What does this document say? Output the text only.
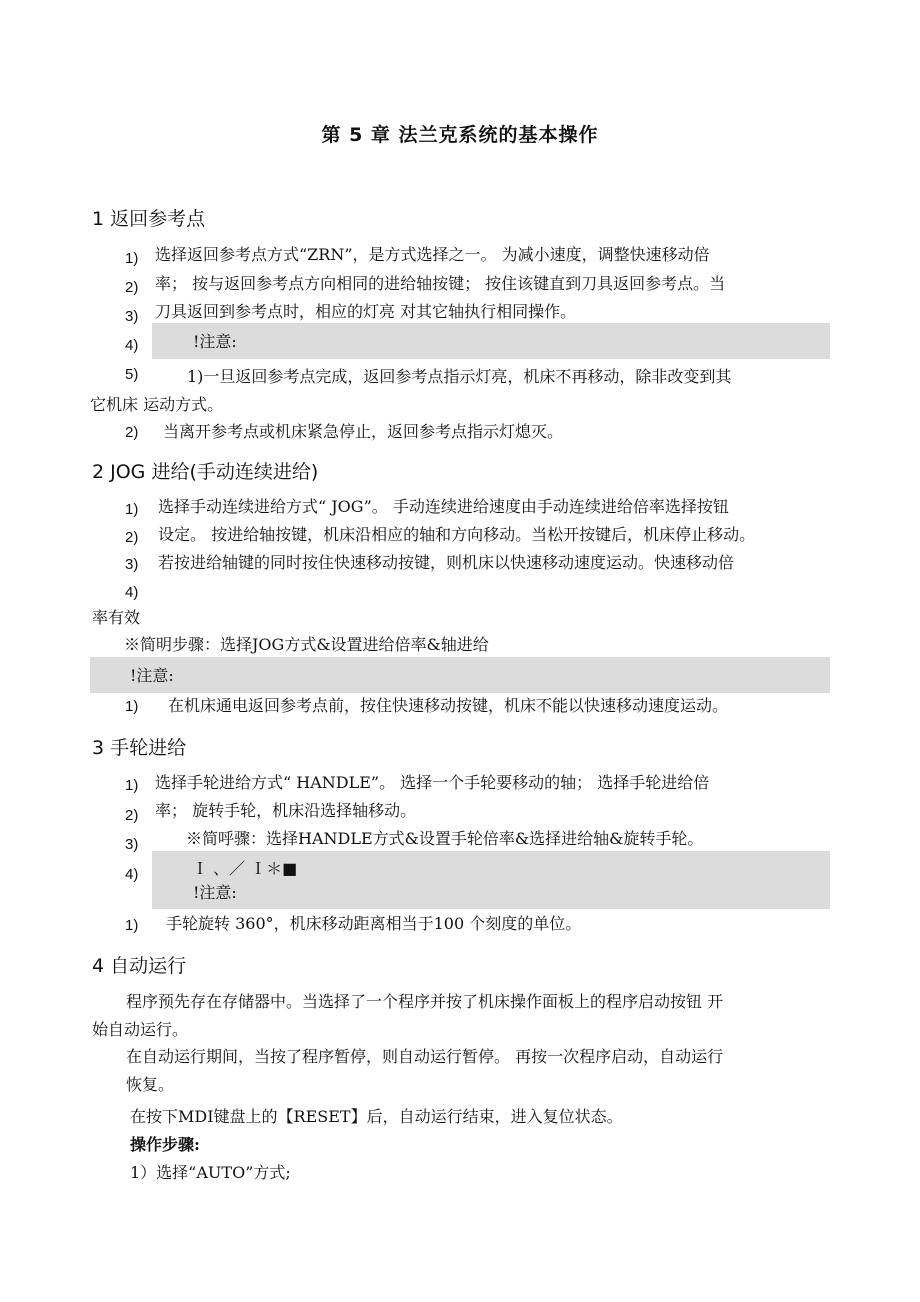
第 5 章 法兰克系统的基本操作
1 返回参考点
1)
2)
3)
4)
5)
选择返回参考点方式“ZRN”，是方式选择之一。 为减小速度，调整快速移动倍
率； 按与返回参考点方向相同的进给轴按键； 按住该键直到刀具返回参考点。当
刀具返回到参考点时，相应的灯亮 对其它轴执行相同操作。
!注意:
1)一旦返回参考点完成，返回参考点指示灯亮，机床不再移动，除非改变到其
它机床 运动方式。
2) 当离开参考点或机床紧急停止，返回参考点指示灯熄灭。
2 JOG 进给(手动连续进给)
1)
2)
3)
4)
选择手动连续进给方式“ JOG”。 手动连续进给速度由手动连续进给倍率选择按钮
设定。 按进给轴按键，机床沿相应的轴和方向移动。当松开按键后，机床停止移动。
若按进给轴键的同时按住快速移动按键，则机床以快速移动速度运动。快速移动倍
率有效
※简明步骤：选择JOG方式&设置进给倍率&轴进给
!注意:
1) 在机床通电返回参考点前，按住快速移动按键，机床不能以快速移动速度运动。
3 手轮进给
1)
2)
3)
4)
选择手轮进给方式“ HANDLE”。 选择一个手轮要移动的轴； 选择手轮进给倍
率； 旋转手轮，机床沿选择轴移动。
※简呼骤：选择HANDLE方式&设置手轮倍率&选择进给轴&旋转手轮。
Ｉ 、／ Ｉ＊■
!注意:
1) 手轮旋转 360°，机床移动距离相当于100 个刻度的单位。
4 自动运行
程序预先存在存储器中。当选择了一个程序并按了机床操作面板上的程序启动按钮 开
始自动运行。
在自动运行期间，当按了程序暂停，则自动运行暂停。 再按一次程序启动，自动运行
恢复。
在按下MDI键盘上的【RESET】后，自动运行结束，进入复位状态。
操作步骤:
1）选择“AUTO”方式;
